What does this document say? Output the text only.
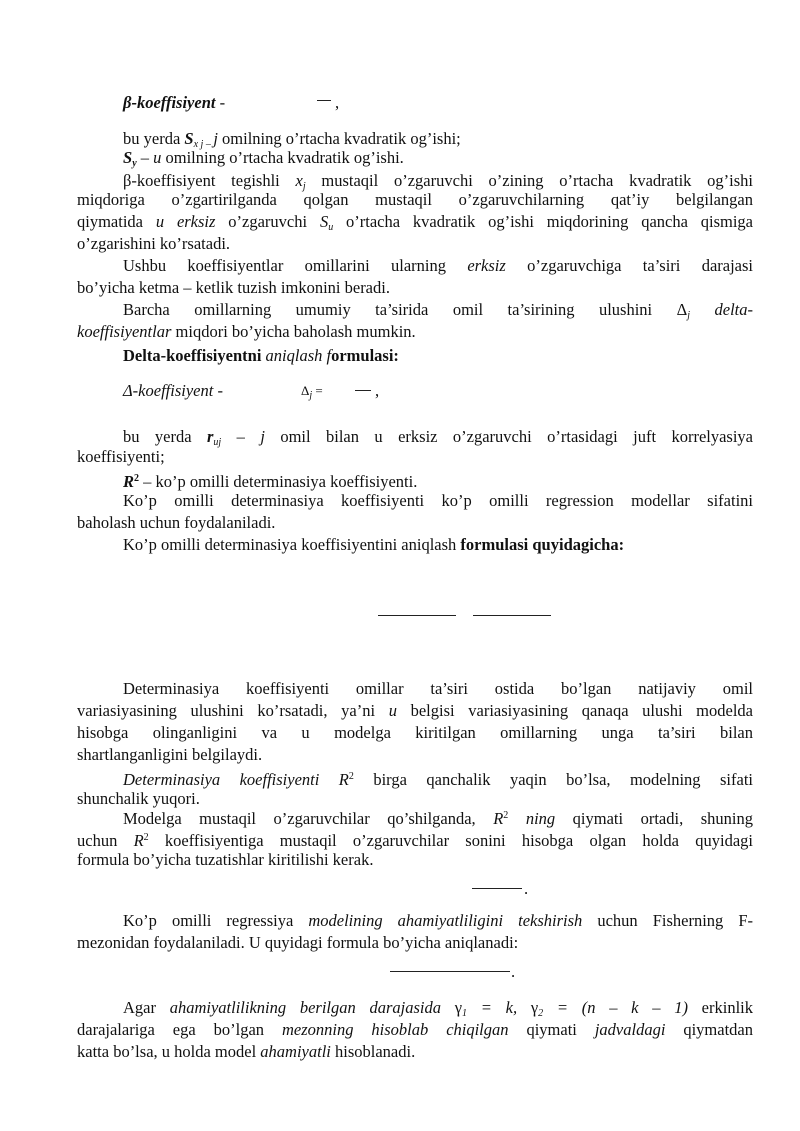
β-koeffisiyent -	,
bu yerda $S_{x j}$ $_-$ j omilning o’rtacha kvadratik og’ishi;
$S_y$ – u omilning o’rtacha kvadratik og’ishi.
β-koeffisiyent tegishli $x_j$ mustaqil o’zgaruvchi o’zining o’rtacha kvadratik og’ishi
miqdoriga o’zgartirilganda qolgan mustaqil o’zgaruvchilarning qat’iy belgilangan
qiymatida u erksiz o’zgaruvchi $S_u$ o’rtacha kvadratik og’ishi miqdorining qancha qismiga
o’zgarishini ko’rsatadi.
Ushbu koeffisiyentlar omillarini ularning erksiz o’zgaruvchiga ta’siri darajasi
bo’yicha ketma – ketlik tuzish imkonini beradi.
Barcha omillarning umumiy ta’sirida omil ta’sirining ulushini $\Delta_j$ delta-
koeffisiyentlar miqdori bo’yicha baholash mumkin.
Delta-koeffisiyentni aniqlash formulasi:
Δ-koeffisiyent -	$\Delta_j$ =	,
bu yerda $r_{uj}$ – j omil bilan u erksiz o’zgaruvchi o’rtasidagi juft korrelyasiya
koeffisiyenti;
$R^2$ – ko’p omilli determinasiya koeffisiyenti.
Ko’p omilli determinasiya koeffisiyenti ko’p omilli regression modellar sifatini
baholash uchun foydalaniladi.
Ko’p omilli determinasiya koeffisiyentini aniqlash formulasi quyidagicha:
Determinasiya koeffisiyenti omillar ta’siri ostida bo’lgan natijaviy omil
variasiyasining ulushini ko’rsatadi, ya’ni u belgisi variasiyasining qanaqa ulushi modelda
hisobga olinganligini va u modelga kiritilgan omillarning unga ta’siri bilan
shartlanganligini belgilaydi.
Determinasiya koeffisiyenti $R^2$ birga qanchalik yaqin bo’lsa, modelning sifati
shunchalik yuqori.
Modelga mustaqil o’zgaruvchilar qo’shilganda, $R^2$ ning qiymati ortadi, shuning
uchun $R^2$ koeffisiyentiga mustaqil o’zgaruvchilar sonini hisobga olgan holda quyidagi
formula bo’yicha tuzatishlar kiritilishi kerak.
.
Ko’p omilli regressiya modelining ahamiyatliligini tekshirish uchun Fisherning F-
mezonidan foydalaniladi. U quyidagi formula bo’yicha aniqlanadi:
.
Agar ahamiyatlilikning berilgan darajasida $\gamma_1 = k$, $\gamma_2 = (n - k - 1)$ erkinlik
darajalariga ega bo’lgan mezonning hisoblab chiqilgan qiymati jadvaldagi qiymatdan
katta bo’lsa, u holda model ahamiyatli hisoblanadi.
